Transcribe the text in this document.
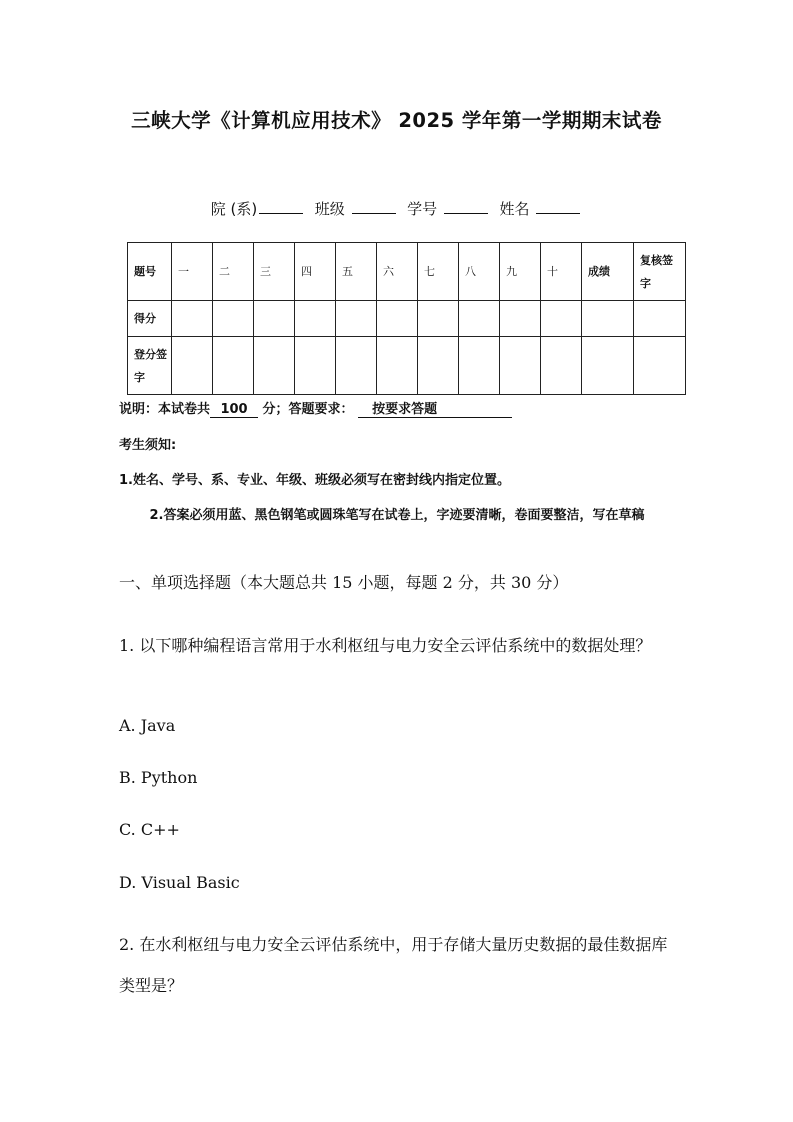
三峡大学《计算机应用技术》 2025 学年第一学期期末试卷
院 (系)	班级	学号	姓名
题号	一	二	三	四	五	六	七	八	九	十	成绩	复核签字
得分												
登分签字												
说明：本试卷共 100 分；答题要求： 按要求答题
考生须知:
1.姓名、学号、系、专业、年级、班级必须写在密封线内指定位置。
2.答案必须用蓝、黑色钢笔或圆珠笔写在试卷上，字迹要清晰，卷面要整洁，写在草稿
一、单项选择题（本大题总共 15 小题，每题 2 分，共 30 分）
1. 以下哪种编程语言常用于水利枢纽与电力安全云评估系统中的数据处理？
A. Java
B. Python
C. C++
D. Visual Basic
2. 在水利枢纽与电力安全云评估系统中，用于存储大量历史数据的最佳数据库类型是？
